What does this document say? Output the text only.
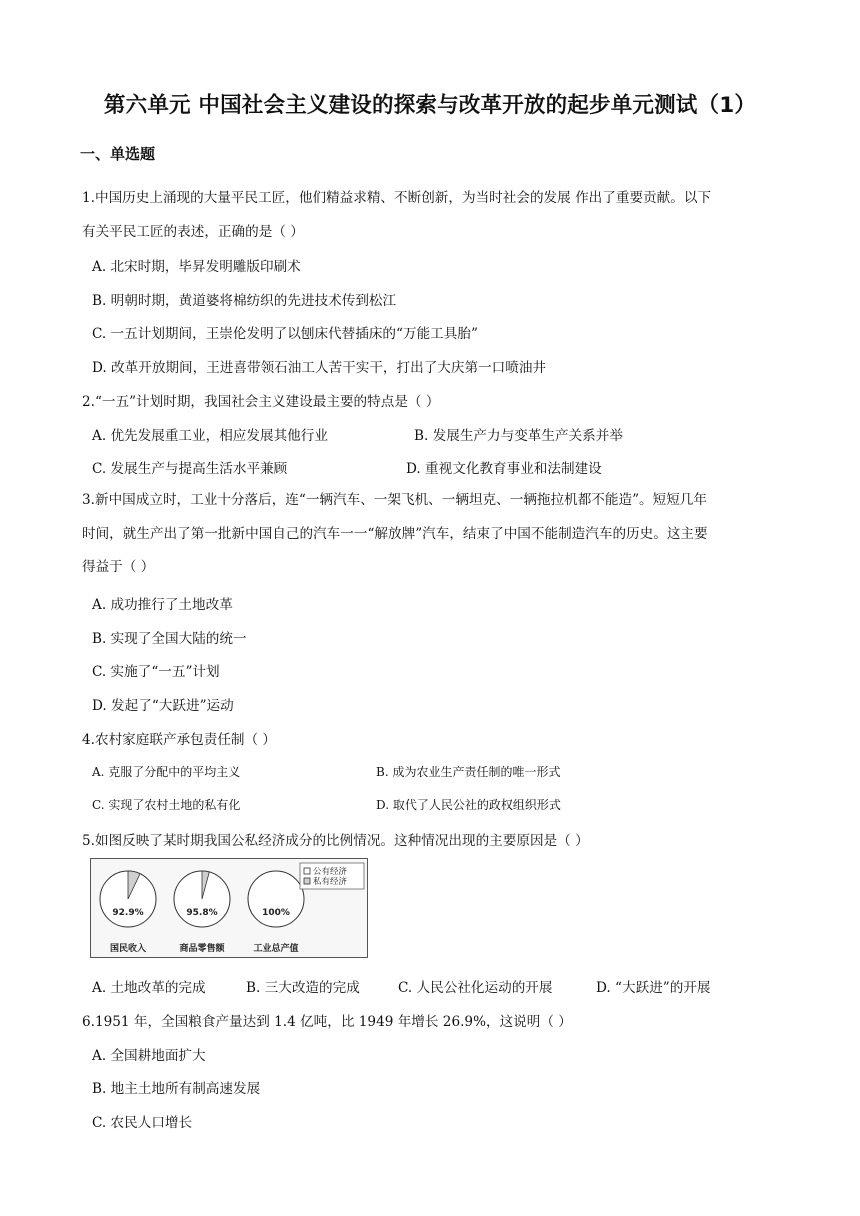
第六单元 中国社会主义建设的探索与改革开放的起步单元测试（1）
一、单选题
1.中国历史上涌现的大量平民工匠，他们精益求精、不断创新，为当时社会的发展 作出了重要贡献。以下
有关平民工匠的表述，正确的是（ ）
A. 北宋时期，毕昇发明雕版印刷术
B. 明朝时期，黄道婆将棉纺织的先进技术传到松江
C. 一五计划期间，王崇伦发明了以刨床代替插床的“万能工具胎”
D. 改革开放期间，王进喜带领石油工人苦干实干，打出了大庆第一口喷油井
2.“一五”计划时期，我国社会主义建设最主要的特点是（ ）
A. 优先发展重工业，相应发展其他行业	B. 发展生产力与变革生产关系并举
C. 发展生产与提高生活水平兼顾	D. 重视文化教育事业和法制建设
3.新中国成立时，工业十分落后，连“一辆汽车、一架飞机、一辆坦克、一辆拖拉机都不能造”。短短几年
时间，就生产出了第一批新中国自己的汽车一一“解放牌”汽车，结束了中国不能制造汽车的历史。这主要
得益于（ ）
A. 成功推行了土地改革
B. 实现了全国大陆的统一
C. 实施了“一五”计划
D. 发起了“大跃进”运动
4.农村家庭联产承包责任制（ ）
A. 克服了分配中的平均主义	B. 成为农业生产责任制的唯一形式
C. 实现了农村土地的私有化	D. 取代了人民公社的政权组织形式
5.如图反映了某时期我国公私经济成分的比例情况。这种情况出现的主要原因是（ ）
92.9%
国民收入
95.8%
商品零售额
100%
工业总产值
公有经济
私有经济
A. 土地改革的完成	B. 三大改造的完成	C. 人民公社化运动的开展	D. “大跃进”的开展
6.1951 年，全国粮食产量达到 1.4 亿吨，比 1949 年增长 26.9%，这说明（ ）
A. 全国耕地面扩大
B. 地主土地所有制高速发展
C. 农民人口增长
